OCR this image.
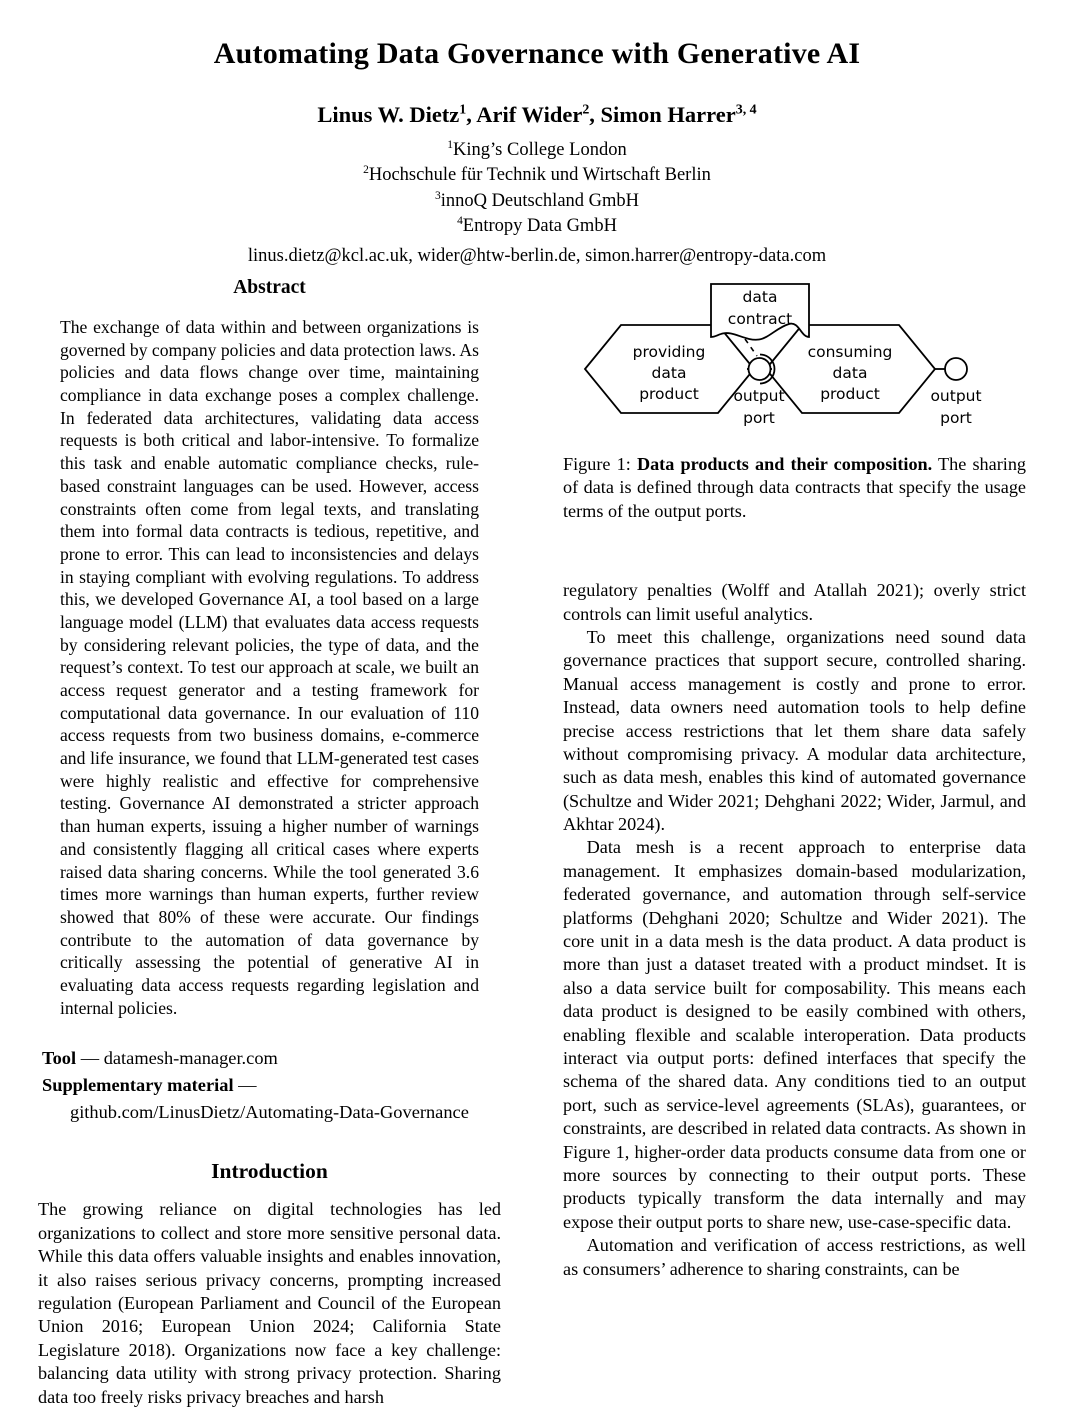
Automating Data Governance with Generative AI
Linus W. Dietz$^1$, Arif Wider$^2$, Simon Harrer$^{3, 4}$
$^1$King’s College London
$^2$Hochschule für Technik und Wirtschaft Berlin
$^3$innoQ Deutschland GmbH
$^4$Entropy Data GmbH
linus.dietz@kcl.ac.uk, wider@htw-berlin.de, simon.harrer@entropy-data.com
Abstract

The exchange of data within and between organizations is governed by company policies and data protection laws. As policies and data flows change over time, maintaining compliance in data exchange poses a complex challenge. In federated data architectures, validating data access requests is both critical and labor-intensive. To formalize this task and enable automatic compliance checks, rule-based constraint languages can be used. However, access constraints often come from legal texts, and translating them into formal data contracts is tedious, repetitive, and prone to error. This can lead to inconsistencies and delays in staying compliant with evolving regulations. To address this, we developed Governance AI, a tool based on a large language model (LLM) that evaluates data access requests by considering relevant policies, the type of data, and the request’s context. To test our approach at scale, we built an access request generator and a testing framework for computational data governance. In our evaluation of 110 access requests from two business domains, e-commerce and life insurance, we found that LLM-generated test cases were highly realistic and effective for comprehensive testing. Governance AI demonstrated a stricter approach than human experts, issuing a higher number of warnings and consistently flagging all critical cases where experts raised data sharing concerns. While the tool generated 3.6 times more warnings than human experts, further review showed that 80% of these were accurate. Our findings contribute to the automation of data governance by critically assessing the potential of generative AI in evaluating data access requests regarding legislation and internal policies.

Tool — datamesh-manager.com
Supplementary material —
github.com/LinusDietz/Automating-Data-Governance
Introduction

The growing reliance on digital technologies has led organizations to collect and store more sensitive personal data. While this data offers valuable insights and enables innovation, it also raises serious privacy concerns, prompting increased regulation (European Parliament and Council of the European Union 2016; European Union 2024; California State Legislature 2018). Organizations now face a key challenge: balancing data utility with strong privacy protection. Sharing data too freely risks privacy breaches and harsh

data
contract
providing
data
product
consuming
data
product
output
port
output
port
Figure 1: Data products and their composition. The sharing of data is defined through data contracts that specify the usage terms of the output ports.

regulatory penalties (Wolff and Atallah 2021); overly strict controls can limit useful analytics.

To meet this challenge, organizations need sound data governance practices that support secure, controlled sharing. Manual access management is costly and prone to error. Instead, data owners need automation tools to help define precise access restrictions that let them share data safely without compromising privacy. A modular data architecture, such as data mesh, enables this kind of automated governance (Schultze and Wider 2021; Dehghani 2022; Wider, Jarmul, and Akhtar 2024).

Data mesh is a recent approach to enterprise data management. It emphasizes domain-based modularization, federated governance, and automation through self-service platforms (Dehghani 2020; Schultze and Wider 2021). The core unit in a data mesh is the data product. A data product is more than just a dataset treated with a product mindset. It is also a data service built for composability. This means each data product is designed to be easily combined with others, enabling flexible and scalable interoperation. Data products interact via output ports: defined interfaces that specify the schema of the shared data. Any conditions tied to an output port, such as service-level agreements (SLAs), guarantees, or constraints, are described in related data contracts. As shown in Figure 1, higher-order data products consume data from one or more sources by connecting to their output ports. These products typically transform the data internally and may expose their output ports to share new, use-case-specific data.

Automation and verification of access restrictions, as well as consumers’ adherence to sharing constraints, can be
